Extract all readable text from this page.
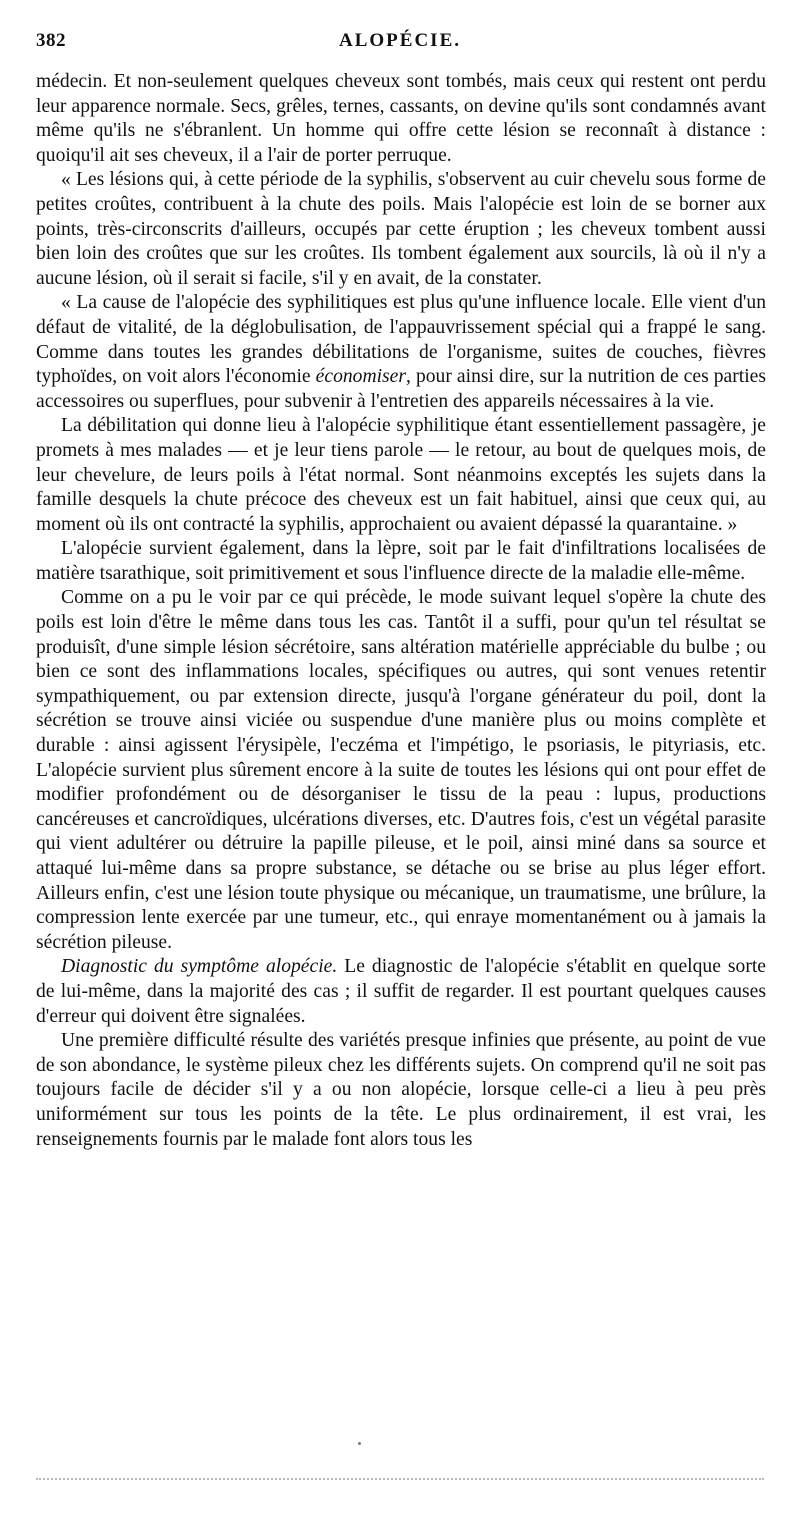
382	ALOPÉCIE.

médecin. Et non-seulement quelques cheveux sont tombés, mais ceux qui restent ont perdu leur apparence normale. Secs, grêles, ternes, cassants, on devine qu'ils sont condamnés avant même qu'ils ne s'ébranlent. Un homme qui offre cette lésion se reconnaît à distance : quoiqu'il ait ses cheveux, il a l'air de porter perruque.

« Les lésions qui, à cette période de la syphilis, s'observent au cuir chevelu sous forme de petites croûtes, contribuent à la chute des poils. Mais l'alopécie est loin de se borner aux points, très-circonscrits d'ailleurs, occupés par cette éruption ; les cheveux tombent aussi bien loin des croûtes que sur les croûtes. Ils tombent également aux sourcils, là où il n'y a aucune lésion, où il serait si facile, s'il y en avait, de la constater.

« La cause de l'alopécie des syphilitiques est plus qu'une influence locale. Elle vient d'un défaut de vitalité, de la déglobulisation, de l'appauvrissement spécial qui a frappé le sang. Comme dans toutes les grandes débilitations de l'organisme, suites de couches, fièvres typhoïdes, on voit alors l'économie économiser, pour ainsi dire, sur la nutrition de ces parties accessoires ou superflues, pour subvenir à l'entretien des appareils nécessaires à la vie.

La débilitation qui donne lieu à l'alopécie syphilitique étant essentiellement passagère, je promets à mes malades — et je leur tiens parole — le retour, au bout de quelques mois, de leur chevelure, de leurs poils à l'état normal. Sont néanmoins exceptés les sujets dans la famille desquels la chute précoce des cheveux est un fait habituel, ainsi que ceux qui, au moment où ils ont contracté la syphilis, approchaient ou avaient dépassé la quarantaine. »

L'alopécie survient également, dans la lèpre, soit par le fait d'infiltrations localisées de matière tsarathique, soit primitivement et sous l'influence directe de la maladie elle-même.

Comme on a pu le voir par ce qui précède, le mode suivant lequel s'opère la chute des poils est loin d'être le même dans tous les cas. Tantôt il a suffi, pour qu'un tel résultat se produisît, d'une simple lésion sécrétoire, sans altération matérielle appréciable du bulbe ; ou bien ce sont des inflammations locales, spécifiques ou autres, qui sont venues retentir sympathiquement, ou par extension directe, jusqu'à l'organe générateur du poil, dont la sécrétion se trouve ainsi viciée ou suspendue d'une manière plus ou moins complète et durable : ainsi agissent l'érysipèle, l'eczéma et l'impétigo, le psoriasis, le pityriasis, etc. L'alopécie survient plus sûrement encore à la suite de toutes les lésions qui ont pour effet de modifier profondément ou de désorganiser le tissu de la peau : lupus, productions cancéreuses et cancroïdiques, ulcérations diverses, etc. D'autres fois, c'est un végétal parasite qui vient adultérer ou détruire la papille pileuse, et le poil, ainsi miné dans sa source et attaqué lui-même dans sa propre substance, se détache ou se brise au plus léger effort. Ailleurs enfin, c'est une lésion toute physique ou mécanique, un traumatisme, une brûlure, la compression lente exercée par une tumeur, etc., qui enraye momentanément ou à jamais la sécrétion pileuse.

Diagnostic du symptôme alopécie. Le diagnostic de l'alopécie s'établit en quelque sorte de lui-même, dans la majorité des cas ; il suffit de regarder. Il est pourtant quelques causes d'erreur qui doivent être signalées.

Une première difficulté résulte des variétés presque infinies que présente, au point de vue de son abondance, le système pileux chez les différents sujets. On comprend qu'il ne soit pas toujours facile de décider s'il y a ou non alopécie, lorsque celle-ci a lieu à peu près uniformément sur tous les points de la tête. Le plus ordinairement, il est vrai, les renseignements fournis par le malade font alors tous les
